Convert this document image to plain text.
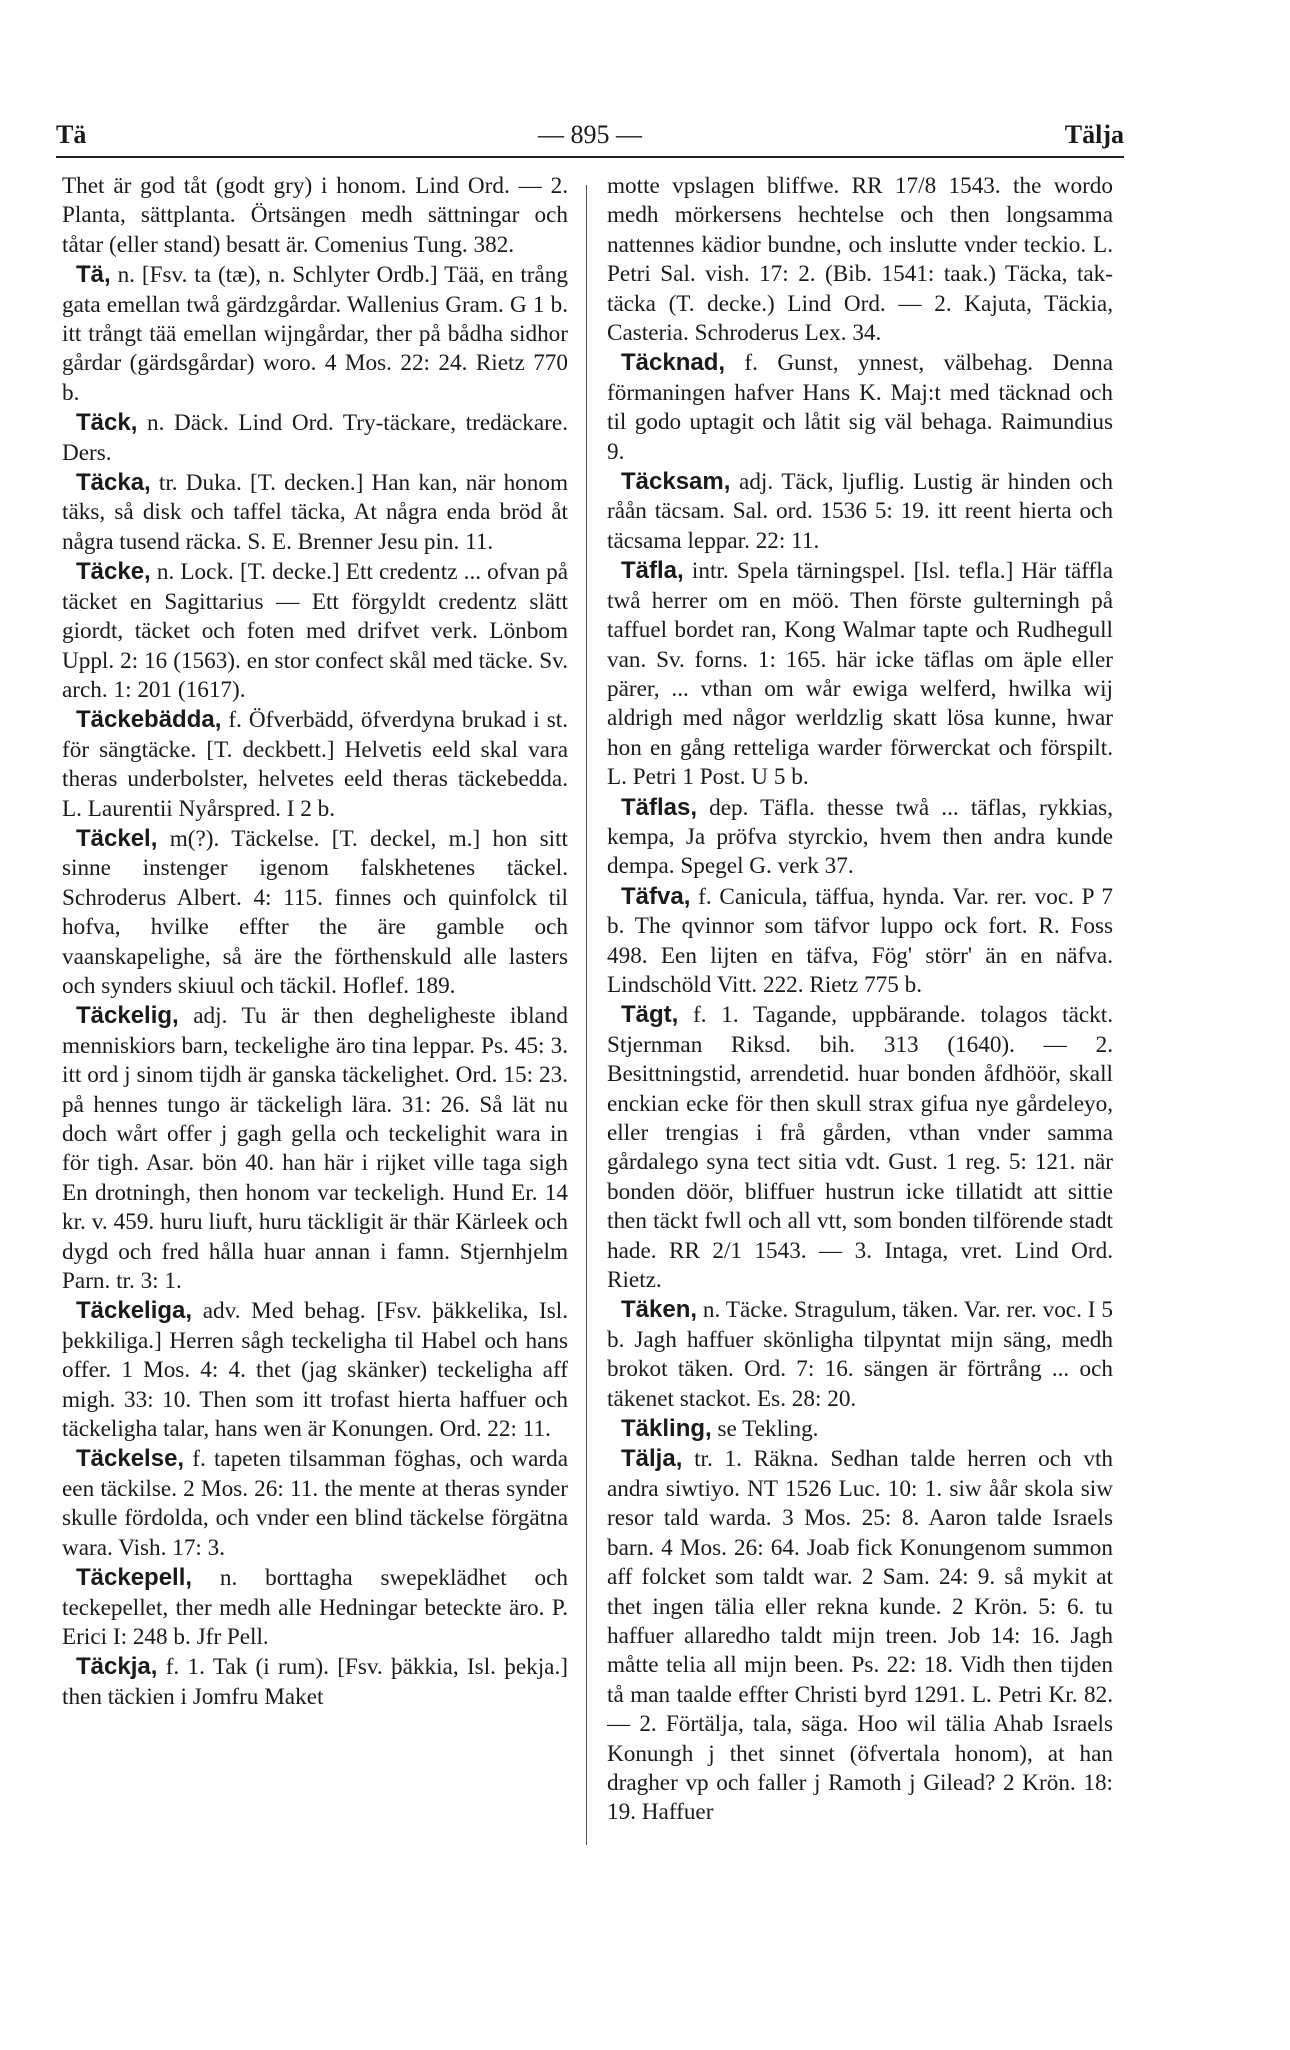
Tä	— 895 —	Tälja

Thet är god tåt (godt gry) i honom. Lind Ord. — 2. Planta, sättplanta. Örtsängen medh sättningar och tåtar (eller stand) besatt är. Comenius Tung. 382.

Tä, n. [Fsv. ta (tæ), n. Schlyter Ordb.] Tää, en trång gata emellan twå gärdzgårdar. Wallenius Gram. G 1 b. itt trångt tää emellan wijngårdar, ther på bådha sidhor gårdar (gärdsgårdar) woro. 4 Mos. 22: 24. Rietz 770 b.

Täck, n. Däck. Lind Ord. Try-täckare, tredäckare. Ders.

Täcka, tr. Duka. [T. decken.] Han kan, när honom täks, så disk och taffel täcka, At några enda bröd åt några tusend räcka. S. E. Brenner Jesu pin. 11.

Täcke, n. Lock. [T. decke.] Ett credentz ... ofvan på täcket en Sagittarius — Ett förgyldt credentz slätt giordt, täcket och foten med drifvet verk. Lönbom Uppl. 2: 16 (1563). en stor confect skål med täcke. Sv. arch. 1: 201 (1617).

Täckebädda, f. Öfverbädd, öfverdyna brukad i st. för sängtäcke. [T. deckbett.] Helvetis eeld skal vara theras underbolster, helvetes eeld theras täckebedda. L. Laurentii Nyårspred. I 2 b.

Täckel, m(?). Täckelse. [T. deckel, m.] hon sitt sinne instenger igenom falskhetenes täckel. Schroderus Albert. 4: 115. finnes och quinfolck til hofva, hvilke effter the äre gamble och vaanskapelighe, så äre the förthenskuld alle lasters och synders skiuul och täckil. Hoflef. 189.

Täckelig, adj. Tu är then degheligheste ibland menniskiors barn, teckelighe äro tina leppar. Ps. 45: 3. itt ord j sinom tijdh är ganska täckelighet. Ord. 15: 23. på hennes tungo är täckeligh lära. 31: 26. Så lät nu doch wårt offer j gagh gella och teckelighit wara in för tigh. Asar. bön 40. han här i rijket ville taga sigh En drotningh, then honom var teckeligh. Hund Er. 14 kr. v. 459. huru liuft, huru täckligit är thär Kärleek och dygd och fred hålla huar annan i famn. Stjernhjelm Parn. tr. 3: 1.

Täckeliga, adv. Med behag. [Fsv. þäkkelika, Isl. þekkiliga.] Herren sågh teckeligha til Habel och hans offer. 1 Mos. 4: 4. thet (jag skänker) teckeligha aff migh. 33: 10. Then som itt trofast hierta haffuer och täckeligha talar, hans wen är Konungen. Ord. 22: 11.

Täckelse, f. tapeten tilsamman föghas, och warda een täckilse. 2 Mos. 26: 11. the mente at theras synder skulle fördolda, och vnder een blind täckelse förgätna wara. Vish. 17: 3.

Täckepell, n. borttagha swepeklädhet och teckepellet, ther medh alle Hedningar beteckte äro. P. Erici I: 248 b. Jfr Pell.

Täckja, f. 1. Tak (i rum). [Fsv. þäkkia, Isl. þekja.] then täckien i Jomfru Maket

motte vpslagen bliffwe. RR 17/8 1543. the wordo medh mörkersens hechtelse och then longsamma nattennes kädior bundne, och inslutte vnder teckio. L. Petri Sal. vish. 17: 2. (Bib. 1541: taak.) Täcka, tak-täcka (T. decke.) Lind Ord. — 2. Kajuta, Täckia, Casteria. Schroderus Lex. 34.

Täcknad, f. Gunst, ynnest, välbehag. Denna förmaningen hafver Hans K. Maj:t med täcknad och til godo uptagit och låtit sig väl behaga. Raimundius 9.

Täcksam, adj. Täck, ljuflig. Lustig är hinden och råån täcsam. Sal. ord. 1536 5: 19. itt reent hierta och täcsama leppar. 22: 11.

Täfla, intr. Spela tärningspel. [Isl. tefla.] Här täffla twå herrer om en möö. Then förste gulterningh på taffuel bordet ran, Kong Walmar tapte och Rudhegull van. Sv. forns. 1: 165. här icke täflas om äple eller pärer, ... vthan om wår ewiga welferd, hwilka wij aldrigh med någor werldzlig skatt lösa kunne, hwar hon en gång retteliga warder förwerckat och förspilt. L. Petri 1 Post. U 5 b.

Täflas, dep. Täfla. thesse twå ... täflas, rykkias, kempa, Ja pröfva styrckio, hvem then andra kunde dempa. Spegel G. verk 37.

Täfva, f. Canicula, täffua, hynda. Var. rer. voc. P 7 b. The qvinnor som täfvor luppo ock fort. R. Foss 498. Een lijten en täfva, Fög' störr' än en näfva. Lindschöld Vitt. 222. Rietz 775 b.

Tägt, f. 1. Tagande, uppbärande. tolagos täckt. Stjernman Riksd. bih. 313 (1640). — 2. Besittningstid, arrendetid. huar bonden åfdhöör, skall enckian ecke för then skull strax gifua nye gårdeleyo, eller trengias i frå gården, vthan vnder samma gårdalego syna tect sitia vdt. Gust. 1 reg. 5: 121. när bonden döör, bliffuer hustrun icke tillatidt att sittie then täckt fwll och all vtt, som bonden tilförende stadt hade. RR 2/1 1543. — 3. Intaga, vret. Lind Ord. Rietz.

Täken, n. Täcke. Stragulum, täken. Var. rer. voc. I 5 b. Jagh haffuer skönligha tilpyntat mijn säng, medh brokot täken. Ord. 7: 16. sängen är förtrång ... och täkenet stackot. Es. 28: 20.

Täkling, se Tekling.

Tälja, tr. 1. Räkna. Sedhan talde herren och vth andra siwtiyo. NT 1526 Luc. 10: 1. siw åår skola siw resor tald warda. 3 Mos. 25: 8. Aaron talde Israels barn. 4 Mos. 26: 64. Joab fick Konungenom summon aff folcket som taldt war. 2 Sam. 24: 9. så mykit at thet ingen tälia eller rekna kunde. 2 Krön. 5: 6. tu haffuer allaredho taldt mijn treen. Job 14: 16. Jagh måtte telia all mijn been. Ps. 22: 18. Vidh then tijden tå man taalde effter Christi byrd 1291. L. Petri Kr. 82. — 2. Förtälja, tala, säga. Hoo wil tälia Ahab Israels Konungh j thet sinnet (öfvertala honom), at han dragher vp och faller j Ramoth j Gilead? 2 Krön. 18: 19. Haffuer
